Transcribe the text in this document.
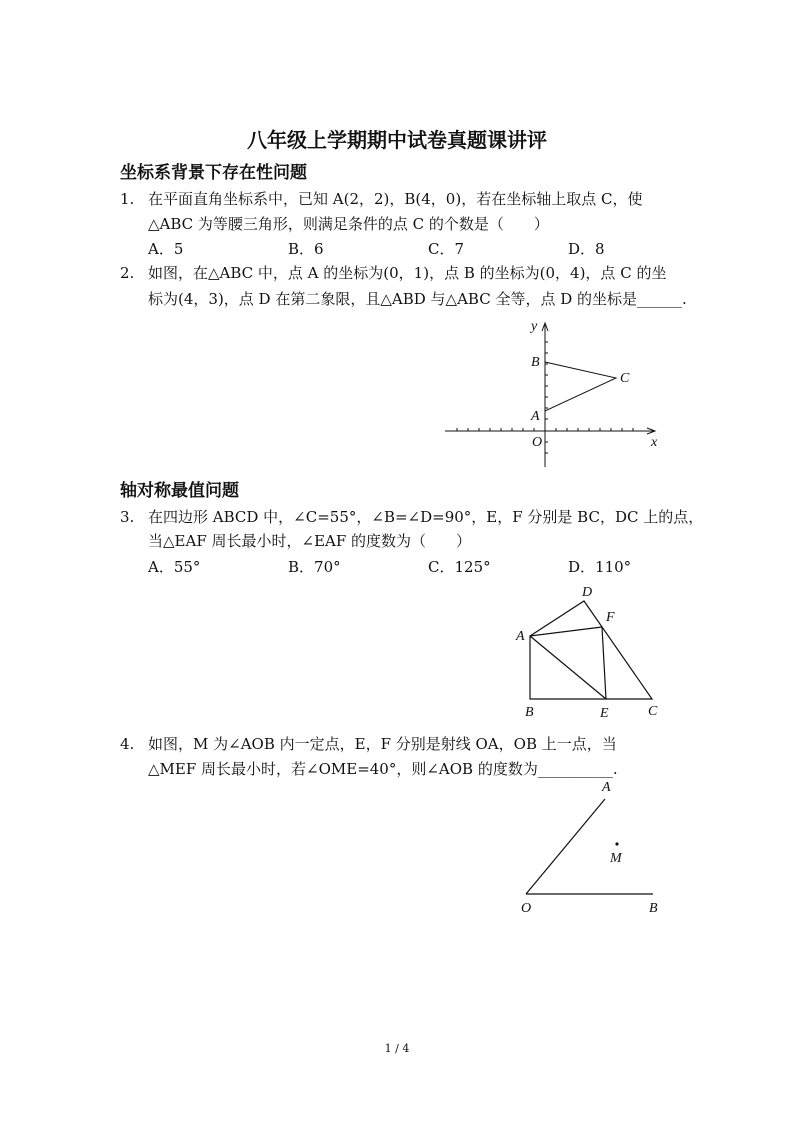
八年级上学期期中试卷真题课讲评
坐标系背景下存在性问题
1. 在平面直角坐标系中，已知 A(2，2)，B(4，0)，若在坐标轴上取点 C，使
△ABC 为等腰三角形，则满足条件的点 C 的个数是（　　）
A．5	B．6	C．7	D．8
2. 如图，在△ABC 中，点 A 的坐标为(0，1)，点 B 的坐标为(0，4)，点 C 的坐
标为(4，3)，点 D 在第二象限，且△ABD 与△ABC 全等，点 D 的坐标是______.
y
x
B
C
A
O
轴对称最值问题
3. 在四边形 ABCD 中，∠C=55°，∠B=∠D=90°，E，F 分别是 BC，DC 上的点，
当△EAF 周长最小时，∠EAF 的度数为（　　）
A．55°	B．70°	C．125°	D．110°
D
F
A
B	E	C
4. 如图，M 为∠AOB 内一定点，E，F 分别是射线 OA，OB 上一点，当
△MEF 周长最小时，若∠OME=40°，则∠AOB 的度数为__________.
A
M
O	B
1 / 4
